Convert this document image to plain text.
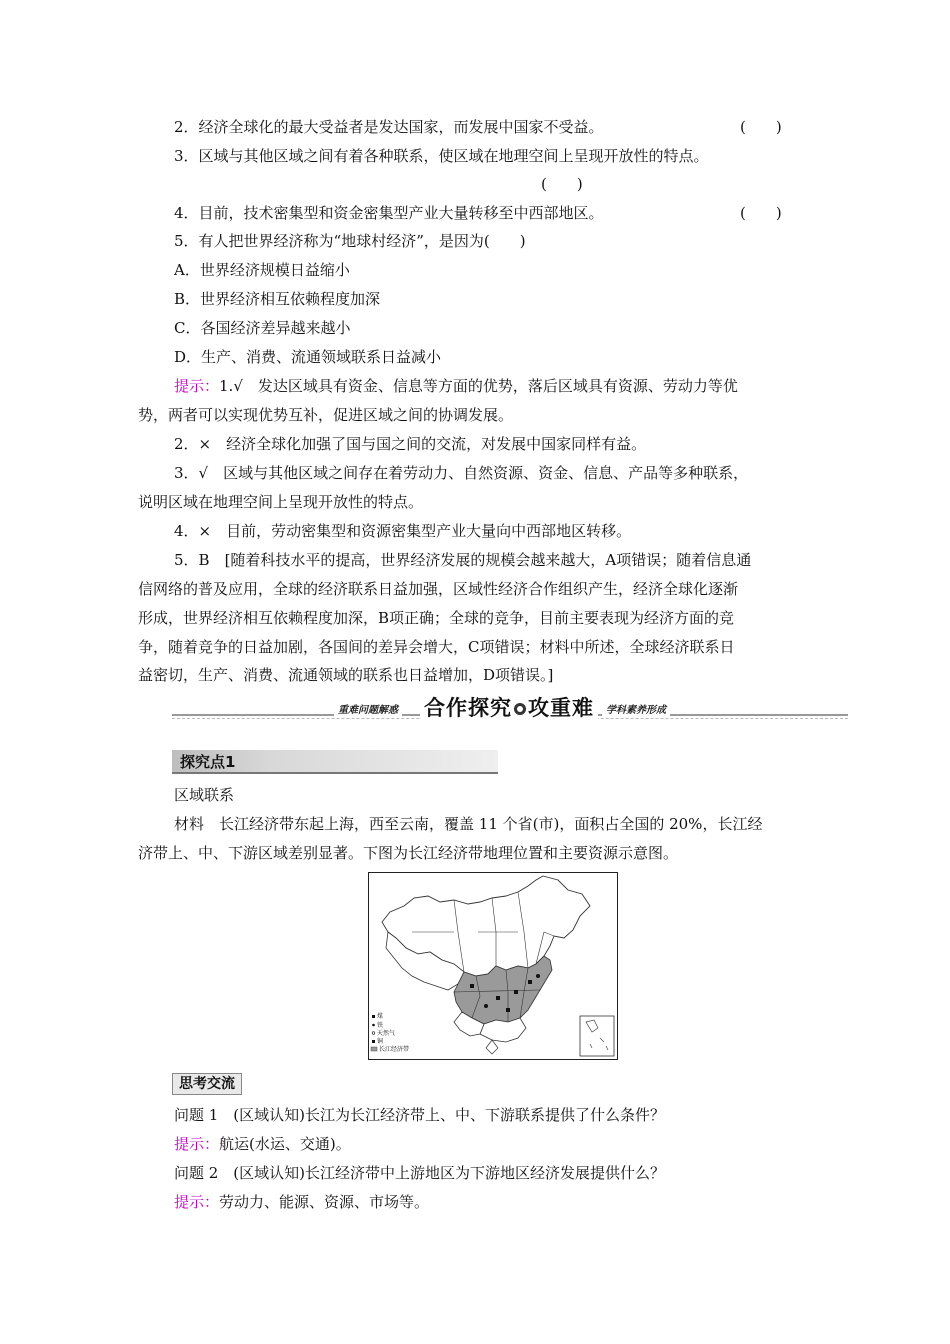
2．经济全球化的最大受益者是发达国家，而发展中国家不受益。	(　　)
3．区域与其他区域之间有着各种联系，使区域在地理空间上呈现开放性的特点。
(　　)
4．目前，技术密集型和资金密集型产业大量转移至中西部地区。	(　　)
5．有人把世界经济称为“地球村经济”，是因为(　　)
A．世界经济规模日益缩小
B．世界经济相互依赖程度加深
C．各国经济差异越来越小
D．生产、消费、流通领域联系日益减小
提示：1.√　发达区域具有资金、信息等方面的优势，落后区域具有资源、劳动力等优
势，两者可以实现优势互补，促进区域之间的协调发展。
2．×　经济全球化加强了国与国之间的交流，对发展中国家同样有益。
3．√　区域与其他区域之间存在着劳动力、自然资源、资金、信息、产品等多种联系，
说明区域在地理空间上呈现开放性的特点。
4．×　目前，劳动密集型和资源密集型产业大量向中西部地区转移。
5．B　[随着科技水平的提高，世界经济发展的规模会越来越大，A项错误；随着信息通
信网络的普及应用，全球的经济联系日益加强，区域性经济合作组织产生，经济全球化逐渐
形成，世界经济相互依赖程度加深，B项正确；全球的竞争，目前主要表现为经济方面的竞
争，随着竞争的日益加剧，各国间的差异会增大，C项错误；材料中所述，全球经济联系日
益密切，生产、消费、流通领域的联系也日益增加，D项错误。]
重难问题解惑 合作探究 攻重难	学科素养形成
探究点1
区域联系
材料　长江经济带东起上海，西至云南，覆盖 11 个省(市)，面积占全国的 20%，长江经
济带上、中、下游区域差别显著。下图为长江经济带地理位置和主要资源示意图。
煤
铁
天然气
铜
长江经济带
思考交流
问题 1　(区域认知)长江为长江经济带上、中、下游联系提供了什么条件？
提示：航运(水运、交通)。
问题 2　(区域认知)长江经济带中上游地区为下游地区经济发展提供什么？
提示：劳动力、能源、资源、市场等。
